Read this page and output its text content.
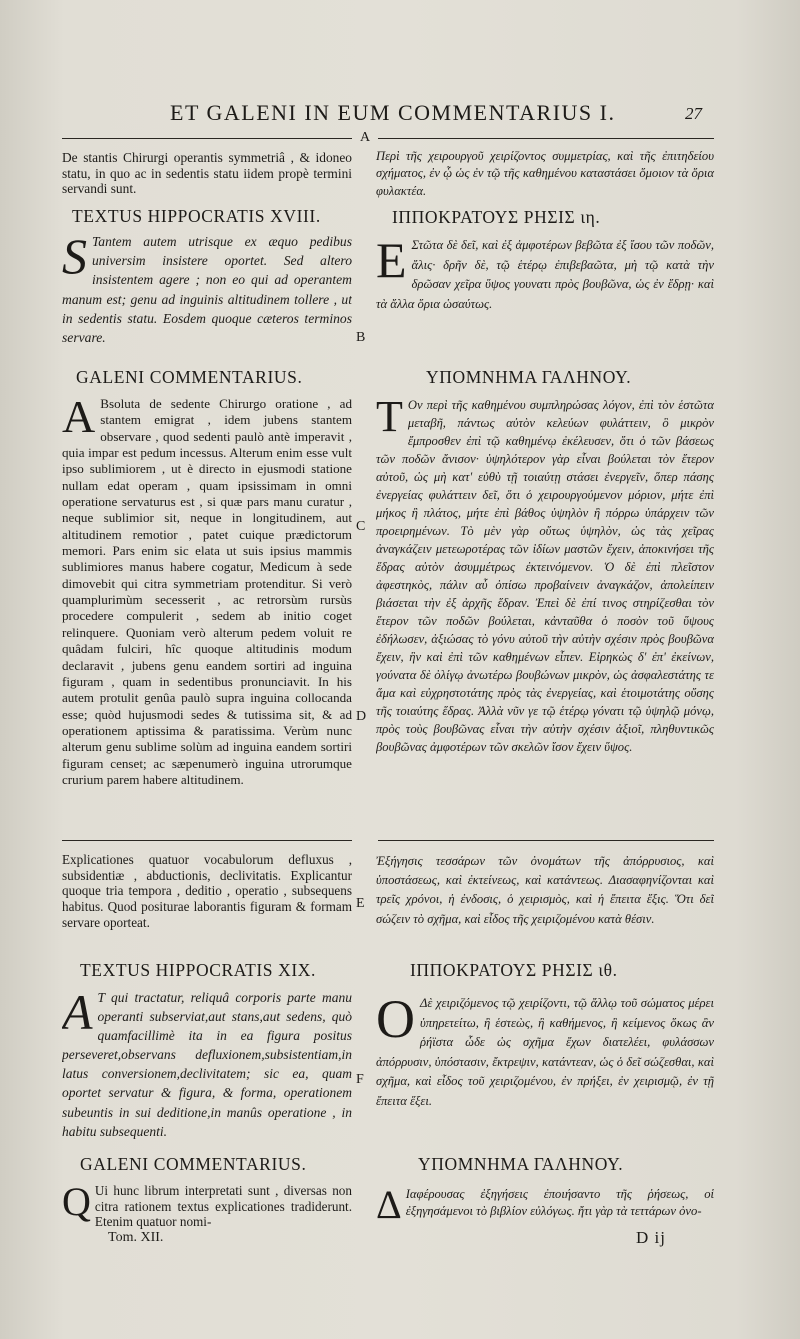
ET GALENI IN EUM COMMENTARIUS I.	27
A
B
C
D
E
F
De stantis Chirurgi operantis symmetriâ , & idoneo statu, in quo ac in sedentis statu iidem propè termini servandi sunt.
TEXTUS HIPPOCRATIS XVIII.
S Tantem autem utrisque ex æquo pedibus universim insistere oportet. Sed altero insistentem agere ; non eo qui ad operantem manum est; genu ad inguinis altitudinem tollere , ut in sedentis statu. Eosdem quoque cæteros terminos servare.
GALENI COMMENTARIUS.
A Bsoluta de sedente Chirurgo oratione , ad stantem emigrat , idem jubens stantem observare , quod sedenti paulò antè imperavit , quia impar est pedum incessus. Alterum enim esse vult ipso sublimiorem , ut è directo in ejusmodi statione nullam edat operam , quam ipsissimam in omni operatione servaturus est , si quæ pars manu curatur , neque sublimior sit, neque in longitudinem, aut altitudinem remotior , patet cuique prædictorum memori. Pars enim sic elata ut suis ipsius mammis sublimiores manus habere cogatur, Medicum à sede dimovebit qui citra symmetriam protenditur. Si verò quamplurimùm secesserit , ac retrorsùm rursùs procedere compulerit , sedem ab initio coget relinquere. Quoniam verò alterum pedem voluit re quâdam fulciri, hîc quoque altitudinis modum declaravit , jubens genu eandem sortiri ad inguina figuram , quam in sedentibus pronunciavit. In his autem protulit genûa paulò supra inguina collocanda esse; quòd hujusmodi sedes & tutissima sit, & ad operationem aptissima & paratissima. Verùm nunc alterum genu sublime solùm ad inguina eandem sortiri figuram censet; ac sæpenumerò inguina utrorumque crurium parem habere altitudinem.
Explicationes quatuor vocabulorum defluxus , subsidentiæ , abductionis, declivitatis. Explicantur quoque tria tempora , deditio , operatio , subsequens habitus. Quod positurae laborantis figuram & formam servare oporteat.
TEXTUS HIPPOCRATIS XIX.
A T qui tractatur, reliquâ corporis parte manu operanti subserviat,aut stans,aut sedens, quò quamfacillimè ita in ea figura positus perseveret,observans defluxionem,subsistentiam,in latus conversionem,declivitatem; sic ea, quam oportet servatur & figura, & forma, operationem subeuntis in sui deditione,in manûs operatione , in habitu subsequenti.
GALENI COMMENTARIUS.
Q Ui hunc librum interpretati sunt , diversas non citra rationem textus explicationes tradiderunt. Etenim quatuor nomi-
Tom. XII.
Περὶ τῆς χειρουργοῦ χειρίζοντος συμμετρίας, καὶ τῆς ἐπιτηδείου σχήματος, ἐν ᾧ ὡς ἐν τῷ τῆς καθημένου καταστάσει ὅμοιον τὰ ὅρια φυλακτέα.
ΙΠΠΟΚΡΑΤΟΥΣ ΡΗΣΙΣ ιη.
Ε Στῶτα δὲ δεῖ, καὶ ἐξ ἀμφοτέρων βεβῶτα ἐξ ἴσου τῶν ποδῶν, ἄλις· δρῆν δὲ, τῷ ἑτέρῳ ἐπιβεβαῶτα, μὴ τῷ κατὰ τὴν δρῶσαν χεῖρα ὕψος γουνατι πρὸς βουβῶνα, ὡς ἐν ἕδρῃ· καὶ τὰ ἄλλα ὅρια ὡσαύτως.
ΥΠΟΜΝΗΜΑ ΓΑΛΗΝΟΥ.
Τ Ον περὶ τῆς καθημένου συμπληρώσας λόγον, ἐπὶ τὸν ἑστῶτα μεταβῆ, πάντως αὐτὸν κελεύων φυλάττειν, ὃ μικρὸν ἔμπροσθεν ἐπὶ τῷ καθημένῳ ἐκέλευσεν, ὅτι ὁ τῶν βάσεως τῶν ποδῶν ἄνισον· ὑψηλότερον γὰρ εἶναι βούλεται τὸν ἕτερον αὐτοῦ, ὡς μὴ κατ' εὐθὺ τῇ τοιαύτῃ στάσει ἐνεργεῖν, ὅπερ πάσης ἐνεργείας φυλάττειν δεῖ, ὅτι ὁ χειρουργούμενον μόριον, μήτε ἐπὶ μήκος ἢ πλάτος, μήτε ἐπὶ βάθος ὑψηλὸν ἢ πόρρω ὑπάρχειν τῶν προειρημένων. Τὸ μὲν γὰρ οὕτως ὑψηλὸν, ὡς τὰς χεῖρας ἀναγκάζειν μετεωροτέρας τῶν ἰδίων μαστῶν ἔχειν, ἀποκινήσει τῆς ἕδρας αὐτὸν ἀσυμμέτρως ἐκτεινόμενον. Ὁ δὲ ἐπὶ πλεῖστον ἀφεστηκὸς, πάλιν αὖ ὀπίσω προβαίνειν ἀναγκάζον, ἀπολείπειν βιάσεται τὴν ἐξ ἀρχῆς ἕδραν. Ἐπεὶ δὲ ἐπί τινος στηρίζεσθαι τὸν ἕτερον τῶν ποδῶν βούλεται, κἀνταῦθα ὁ ποσὸν τοῦ ὕψους ἐδήλωσεν, ἀξιώσας τὸ γόνυ αὐτοῦ τὴν αὐτὴν σχέσιν πρὸς βουβῶνα ἔχειν, ἣν καὶ ἐπὶ τῶν καθημένων εἶπεν. Εἰρηκὼς δ' ἐπ' ἐκείνων, γούνατα δὲ ὀλίγῳ ἀνωτέρω βουβώνων μικρὸν, ὡς ἀσφαλεστάτης τε ἅμα καὶ εὐχρηστοτάτης πρὸς τὰς ἐνεργείας, καὶ ἑτοιμοτάτης οὔσης τῆς τοιαύτης ἕδρας. Ἀλλὰ νῦν γε τῷ ἑτέρῳ γόνατι τῷ ὑψηλῷ μόνῳ, πρὸς τοὺς βουβῶνας εἶναι τὴν αὐτὴν σχέσιν ἀξιοῖ, πληθυντικῶς βουβῶνας ἀμφοτέρων τῶν σκελῶν ἴσον ἔχειν ὕψος.
Ἐξήγησις τεσσάρων τῶν ὀνομάτων τῆς ἀπόρρυσιος, καὶ ὑποστάσεως, καὶ ἐκτείνεως, καὶ κατάντεως. Διασαφηνίζονται καὶ τρεῖς χρόνοι, ἡ ἐνδοσις, ὁ χειρισμὸς, καὶ ἡ ἔπειτα ἕξις. Ὅτι δεῖ σώζειν τὸ σχῆμα, καὶ εἶδος τῆς χειριζομένου κατὰ θέσιν.
ΙΠΠΟΚΡΑΤΟΥΣ ΡΗΣΙΣ ιθ.
Ο Δὲ χειριζόμενος τῷ χειρίζοντι, τῷ ἄλλῳ τοῦ σώματος μέρει ὑπηρετείτω, ἢ ἑστεὼς, ἢ καθήμενος, ἢ κείμενος ὅκως ἂν ῥήϊστα ὧδε ὡς σχῆμα ἔχων διατελέει, φυλάσσων ἀπόρρυσιν, ὑπόστασιν, ἔκτρεψιν, κατάντεαν, ὡς ὁ δεῖ σώζεσθαι, καὶ σχῆμα, καὶ εἶδος τοῦ χειριζομένου, ἐν πρήξει, ἐν χειρισμῷ, ἐν τῇ ἔπειτα ἕξει.
ΥΠΟΜΝΗΜΑ ΓΑΛΗΝΟΥ.
Δ Ιαφέρουσας ἐξηγήσεις ἐποιήσαντο τῆς ῥήσεως, οἱ ἐξηγησάμενοι τὸ βιβλίον εὐλόγως. ἤτι γὰρ τὰ τεττάρων ὀνο-
D ij
